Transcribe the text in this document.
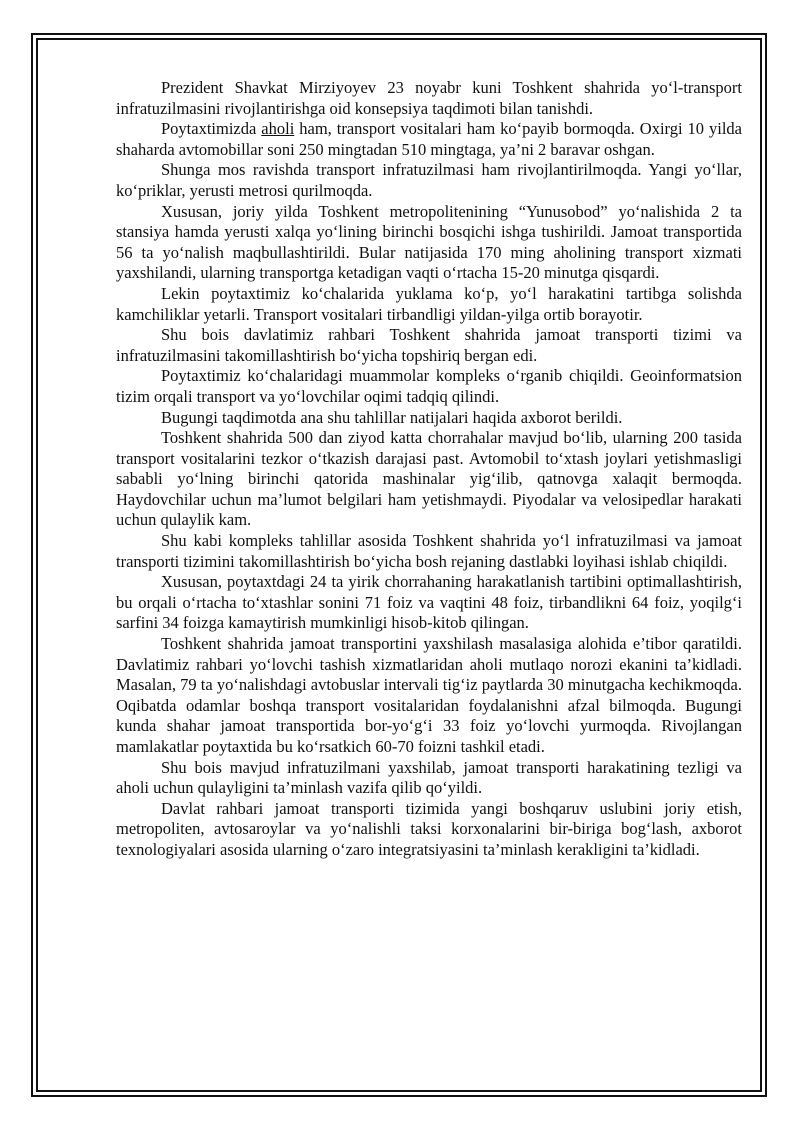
Prezident Shavkat Mirziyoyev 23 noyabr kuni Toshkent shahrida yo‘l-transport infratuzilmasini rivojlantirishga oid konsepsiya taqdimoti bilan tanishdi.

Poytaxtimizda aholi ham, transport vositalari ham ko‘payib bormoqda. Oxirgi 10 yilda shaharda avtomobillar soni 250 mingtadan 510 mingtaga, ya’ni 2 baravar oshgan.

Shunga mos ravishda transport infratuzilmasi ham rivojlantirilmoqda. Yangi yo‘llar, ko‘priklar, yerusti metrosi qurilmoqda.

Xususan, joriy yilda Toshkent metropolitenining “Yunusobod” yo‘nalishida 2 ta stansiya hamda yerusti xalqa yo‘lining birinchi bosqichi ishga tushirildi. Jamoat transportida 56 ta yo‘nalish maqbullashtirildi. Bular natijasida 170 ming aholining transport xizmati yaxshilandi, ularning transportga ketadigan vaqti o‘rtacha 15-20 minutga qisqardi.

Lekin poytaxtimiz ko‘chalarida yuklama ko‘p, yo‘l harakatini tartibga solishda kamchiliklar yetarli. Transport vositalari tirbandligi yildan-yilga ortib borayotir.

Shu bois davlatimiz rahbari Toshkent shahrida jamoat transporti tizimi va infratuzilmasini takomillashtirish bo‘yicha topshiriq bergan edi.

Poytaxtimiz ko‘chalaridagi muammolar kompleks o‘rganib chiqildi. Geoinformatsion tizim orqali transport va yo‘lovchilar oqimi tadqiq qilindi.

Bugungi taqdimotda ana shu tahlillar natijalari haqida axborot berildi.

Toshkent shahrida 500 dan ziyod katta chorrahalar mavjud bo‘lib, ularning 200 tasida transport vositalarini tezkor o‘tkazish darajasi past. Avtomobil to‘xtash joylari yetishmasligi sababli yo‘lning birinchi qatorida mashinalar yig‘ilib, qatnovga xalaqit bermoqda. Haydovchilar uchun ma’lumot belgilari ham yetishmaydi. Piyodalar va velosipedlar harakati uchun qulaylik kam.

Shu kabi kompleks tahlillar asosida Toshkent shahrida yo‘l infratuzilmasi va jamoat transporti tizimini takomillashtirish bo‘yicha bosh rejaning dastlabki loyihasi ishlab chiqildi.

Xususan, poytaxtdagi 24 ta yirik chorrahaning harakatlanish tartibini optimallashtirish, bu orqali o‘rtacha to‘xtashlar sonini 71 foiz va vaqtini 48 foiz, tirbandlikni 64 foiz, yoqilg‘i sarfini 34 foizga kamaytirish mumkinligi hisob-kitob qilingan.

Toshkent shahrida jamoat transportini yaxshilash masalasiga alohida e’tibor qaratildi. Davlatimiz rahbari yo‘lovchi tashish xizmatlaridan aholi mutlaqo norozi ekanini ta’kidladi. Masalan, 79 ta yo‘nalishdagi avtobuslar intervali tig‘iz paytlarda 30 minutgacha kechikmoqda. Oqibatda odamlar boshqa transport vositalaridan foydalanishni afzal bilmoqda. Bugungi kunda shahar jamoat transportida bor-yo‘g‘i 33 foiz yo‘lovchi yurmoqda. Rivojlangan mamlakatlar poytaxtida bu ko‘rsatkich 60-70 foizni tashkil etadi.

Shu bois mavjud infratuzilmani yaxshilab, jamoat transporti harakatining tezligi va aholi uchun qulayligini ta’minlash vazifa qilib qo‘yildi.

Davlat rahbari jamoat transporti tizimida yangi boshqaruv uslubini joriy etish, metropoliten, avtosaroylar va yo‘nalishli taksi korxonalarini bir-biriga bog‘lash, axborot texnologiyalari asosida ularning o‘zaro integratsiyasini ta’minlash kerakligini ta’kidladi.
